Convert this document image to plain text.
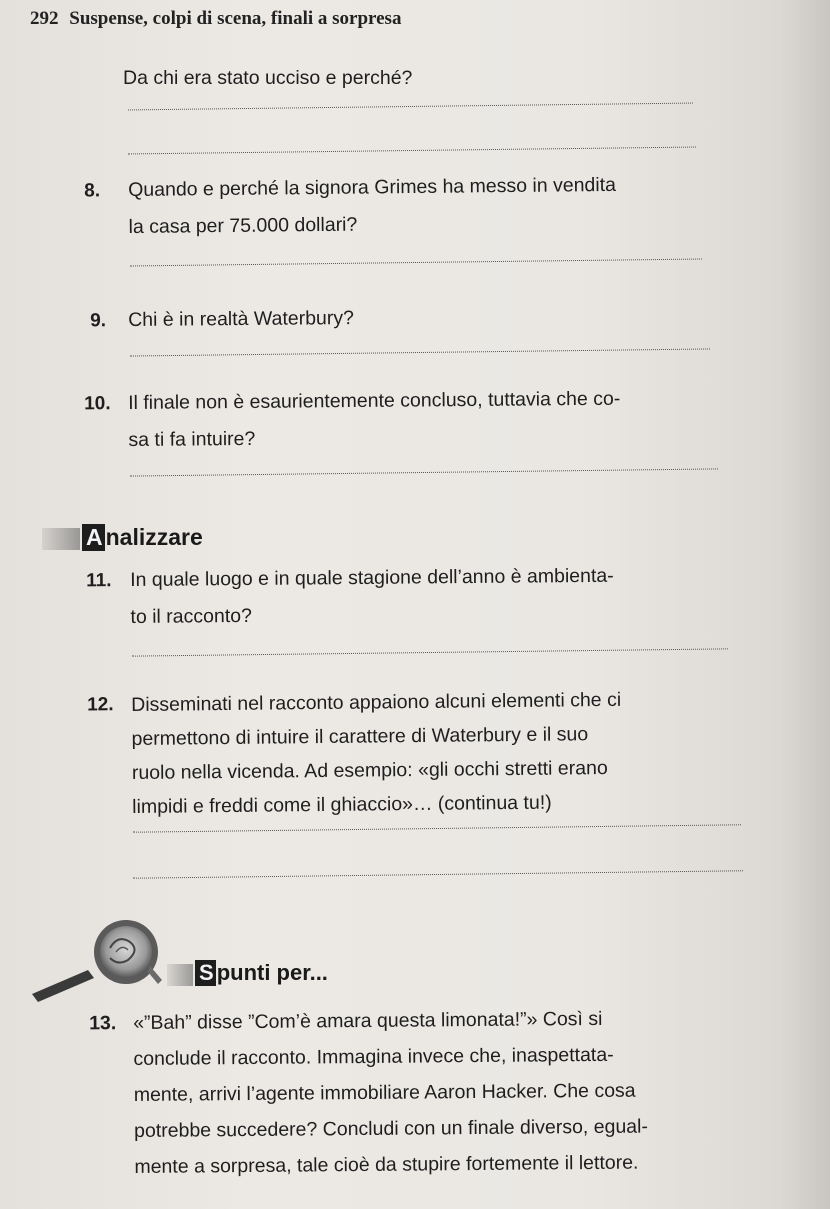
292 Suspense, colpi di scena, finali a sorpresa
Da chi era stato ucciso e perché?
8. Quando e perché la signora Grimes ha messo in vendita
la casa per 75.000 dollari?
9. Chi è in realtà Waterbury?
10. Il finale non è esaurientemente concluso, tuttavia che co-
sa ti fa intuire?
A nalizzare
11. In quale luogo e in quale stagione dell’anno è ambienta-
to il racconto?
12. Disseminati nel racconto appaiono alcuni elementi che ci
permettono di intuire il carattere di Waterbury e il suo
ruolo nella vicenda. Ad esempio: «gli occhi stretti erano
limpidi e freddi come il ghiaccio»… (continua tu!)
S punti per...
13. «”Bah” disse ”Com’è amara questa limonata!”» Così si
conclude il racconto. Immagina invece che, inaspettata-
mente, arrivi l’agente immobiliare Aaron Hacker. Che cosa
potrebbe succedere? Concludi con un finale diverso, egual-
mente a sorpresa, tale cioè da stupire fortemente il lettore.
